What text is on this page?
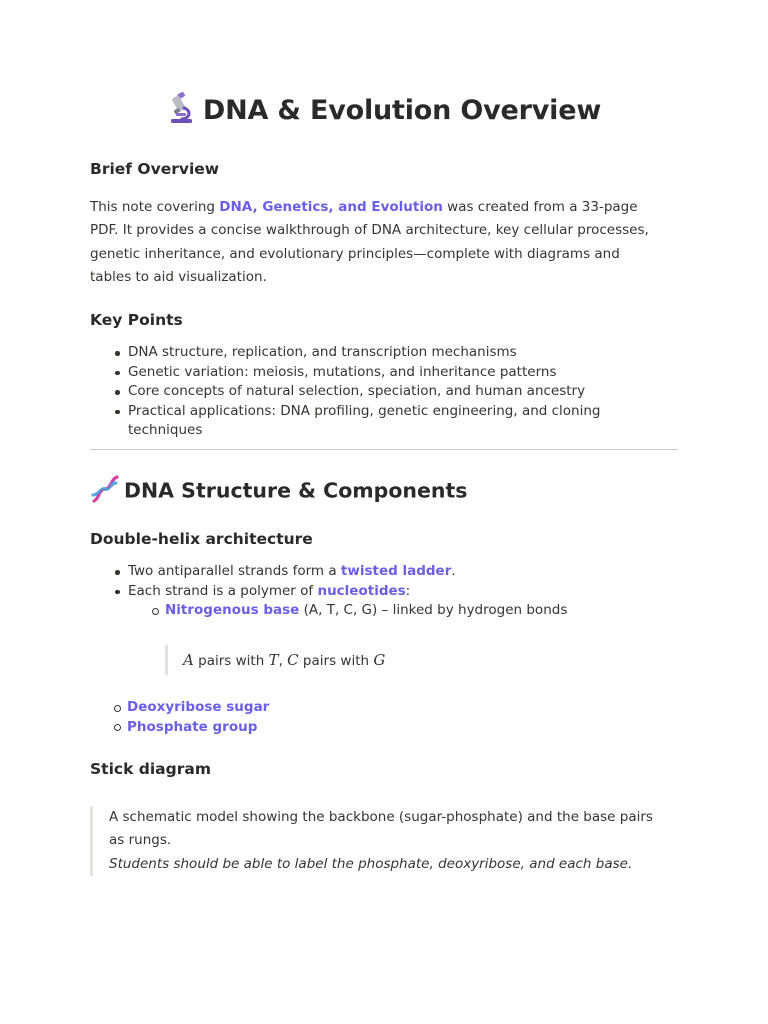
DNA & Evolution Overview
Brief Overview

This note covering DNA, Genetics, and Evolution was created from a 33-page PDF. It provides a concise walkthrough of DNA architecture, key cellular processes, genetic inheritance, and evolutionary principles—complete with diagrams and tables to aid visualization.

Key Points
DNA structure, replication, and transcription mechanisms
Genetic variation: meiosis, mutations, and inheritance patterns
Core concepts of natural selection, speciation, and human ancestry
Practical applications: DNA profiling, genetic engineering, and cloning techniques
DNA Structure & Components
Double-helix architecture
Two antiparallel strands form a twisted ladder.
Each strand is a polymer of nucleotides:
Nitrogenous base (A, T, C, G) – linked by hydrogen bonds
A pairs with T, C pairs with G
Deoxyribose sugar
Phosphate group
Stick diagram
A schematic model showing the backbone (sugar-phosphate) and the base pairs as rungs.
Students should be able to label the phosphate, deoxyribose, and each base.
